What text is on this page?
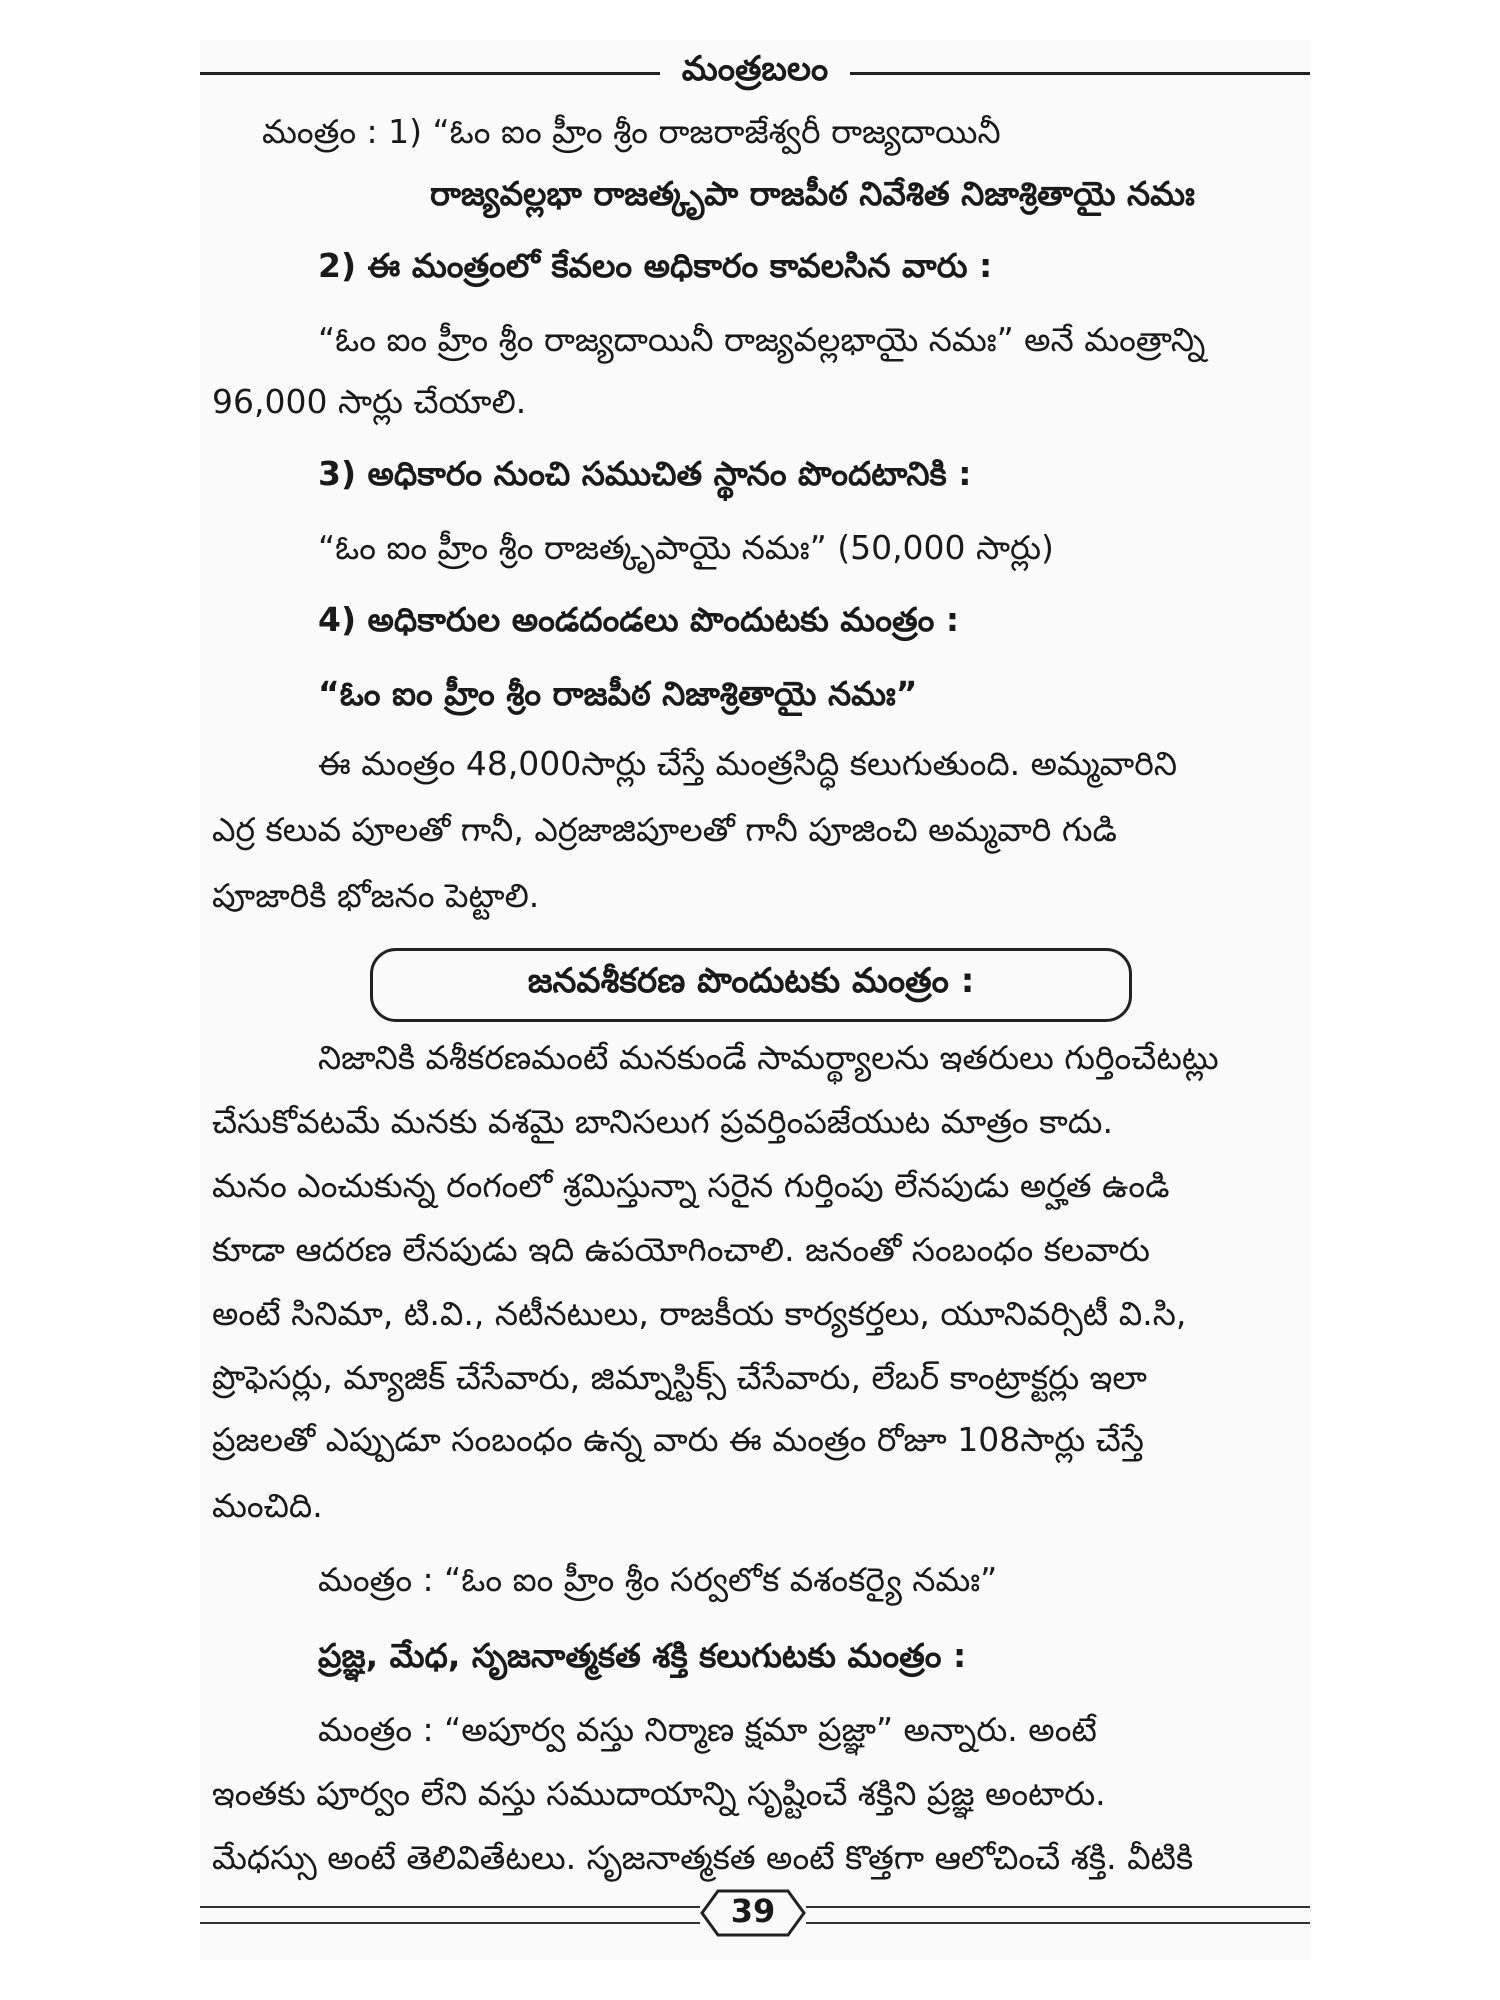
మంత్రబలం
మంత్రం : 1) “ఓం ఐం హ్రీం శ్రీం రాజరాజేశ్వరీ రాజ్యదాయినీ
రాజ్యవల్లభా రాజత్కృపా రాజపీఠ నివేశిత నిజాశ్రితాయై నమః
2) ఈ మంత్రంలో కేవలం అధికారం కావలసిన వారు :
“ఓం ఐం హ్రీం శ్రీం రాజ్యదాయినీ రాజ్యవల్లభాయై నమః” అనే మంత్రాన్ని
96,000 సార్లు చేయాలి.
3) అధికారం నుంచి సముచిత స్థానం పొందటానికి :
“ఓం ఐం హ్రీం శ్రీం రాజత్కృపాయై నమః” (50,000 సార్లు)
4) అధికారుల అండదండలు పొందుటకు మంత్రం :
“ఓం ఐం హ్రీం శ్రీం రాజపీఠ నిజాశ్రితాయై నమః”
ఈ మంత్రం 48,000సార్లు చేస్తే మంత్రసిద్ధి కలుగుతుంది. అమ్మవారిని
ఎర్ర కలువ పూలతో గానీ, ఎర్రజాజిపూలతో గానీ పూజించి అమ్మవారి గుడి
పూజారికి భోజనం పెట్టాలి.
జనవశీకరణ పొందుటకు మంత్రం :
నిజానికి వశీకరణమంటే మనకుండే సామర్థ్యాలను ఇతరులు గుర్తించేటట్లు
చేసుకోవటమే మనకు వశమై బానిసలుగ ప్రవర్తింపజేయుట మాత్రం కాదు.
మనం ఎంచుకున్న రంగంలో శ్రమిస్తున్నా సరైన గుర్తింపు లేనపుడు అర్హత ఉండి
కూడా ఆదరణ లేనపుడు ఇది ఉపయోగించాలి. జనంతో సంబంధం కలవారు
అంటే సినిమా, టి.వి., నటీనటులు, రాజకీయ కార్యకర్తలు, యూనివర్సిటీ వి.సి,
ప్రొఫెసర్లు, మ్యాజిక్ చేసేవారు, జిమ్నాస్టిక్స్ చేసేవారు, లేబర్ కాంట్రాక్టర్లు ఇలా
ప్రజలతో ఎప్పుడూ సంబంధం ఉన్న వారు ఈ మంత్రం రోజూ 108సార్లు చేస్తే
మంచిది.
మంత్రం : “ఓం ఐం హ్రీం శ్రీం సర్వలోక వశంకర్యై నమః”
ప్రజ్ఞ, మేధ, సృజనాత్మకత శక్తి కలుగుటకు మంత్రం :
మంత్రం : “అపూర్వ వస్తు నిర్మాణ క్షమా ప్రజ్ఞా” అన్నారు. అంటే
ఇంతకు పూర్వం లేని వస్తు సముదాయాన్ని సృష్టించే శక్తిని ప్రజ్ఞ అంటారు.
మేధస్సు అంటే తెలివితేటలు. సృజనాత్మకత అంటే కొత్తగా ఆలోచించే శక్తి. వీటికి
39
